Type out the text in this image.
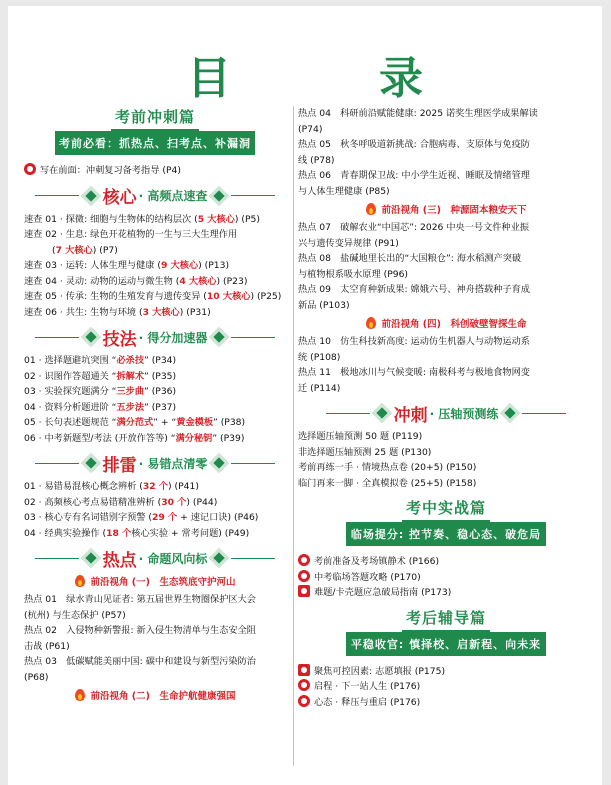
目　录
考前冲刺篇
考前必看：抓热点、扫考点、补漏洞
写在前面：冲刺复习备考指导 (P4)
核心 · 高频点速查
速查 01 · 探微: 细胞与生物体的结构层次 (5 大核心) (P5)
速查 02 · 生息: 绿色开花植物的一生与三大生理作用
(7 大核心) (P7)
速查 03 · 运转: 人体生理与健康 (9 大核心) (P13)
速查 04 · 灵动: 动物的运动与微生物 (4 大核心) (P23)
速查 05 · 传承: 生物的生殖发育与遗传变异 (10 大核心) (P25)
速查 06 · 共生: 生物与环境 (3 大核心) (P31)
技法 · 得分加速器
01 · 选择题避坑突围 “必杀技” (P34)
02 · 识图作答超通关 “拆解术” (P35)
03 · 实验探究题满分 “三步曲” (P36)
04 · 资料分析题进阶 “五步法” (P37)
05 · 长句表述题规范 “满分范式” + “黄金模板” (P38)
06 · 中考新题型/考法 (开放作答等) “满分秘钥” (P39)
排雷 · 易错点清零
01 · 易错易混核心概念辨析 (32 个) (P41)
02 · 高频核心考点易错精准辨析 (30 个) (P44)
03 · 核心专有名词错别字预警 (29 个 + 速记口诀) (P46)
04 · 经典实验操作 (18 个核心实验 + 常考问题) (P49)
热点 · 命题风向标
前沿视角 (一)　生态筑底守护河山
热点 01　绿水青山见证者: 第五届世界生物圈保护区大会
(杭州) 与生态保护 (P57)
热点 02　入侵物种新警报: 新入侵生物清单与生态安全阻
击战 (P61)
热点 03　低碳赋能美丽中国: 碳中和建设与新型污染防治
(P68)
前沿视角 (二)　生命护航健康强国
热点 04　科研前沿赋能健康: 2025 诺奖生理医学成果解读
(P74)
热点 05　秋冬呼吸道新挑战: 合胞病毒、支原体与免疫防
线 (P78)
热点 06　青春期保卫战: 中小学生近视、睡眠及情绪管理
与人体生理健康 (P85)
前沿视角 (三)　种源固本粮安天下
热点 07　破解农业“中国芯”: 2026 中央一号文件种业振
兴与遗传变异规律 (P91)
热点 08　盐碱地里长出的“大国粮仓”: 海水稻测产突破
与植物根系吸水原理 (P96)
热点 09　太空育种新成果: 嫦娥六号、神舟搭载种子育成
新品 (P103)
前沿视角 (四)　科创破壁智探生命
热点 10　仿生科技新高度: 运动仿生机器人与动物运动系
统 (P108)
热点 11　极地冰川与气候变暖: 南极科考与极地食物网变
迁 (P114)
冲刺 · 压轴预测练
选择题压轴预测 50 题 (P119)
非选择题压轴预测 25 题 (P130)
考前再练一手 · 情境热点卷 (20+5) (P150)
临门再来一脚 · 全真模拟卷 (25+5) (P158)
考中实战篇
临场提分: 控节奏、稳心态、破危局
考前准备及考场镇静术 (P166)
中考临场答题攻略 (P170)
难题/卡壳题应急破局指南 (P173)
考后辅导篇
平稳收官: 慎择校、启新程、向未来
聚焦可控因素: 志愿填报 (P175)
启程 · 下一站人生 (P176)
心态 · 释压与重启 (P176)
